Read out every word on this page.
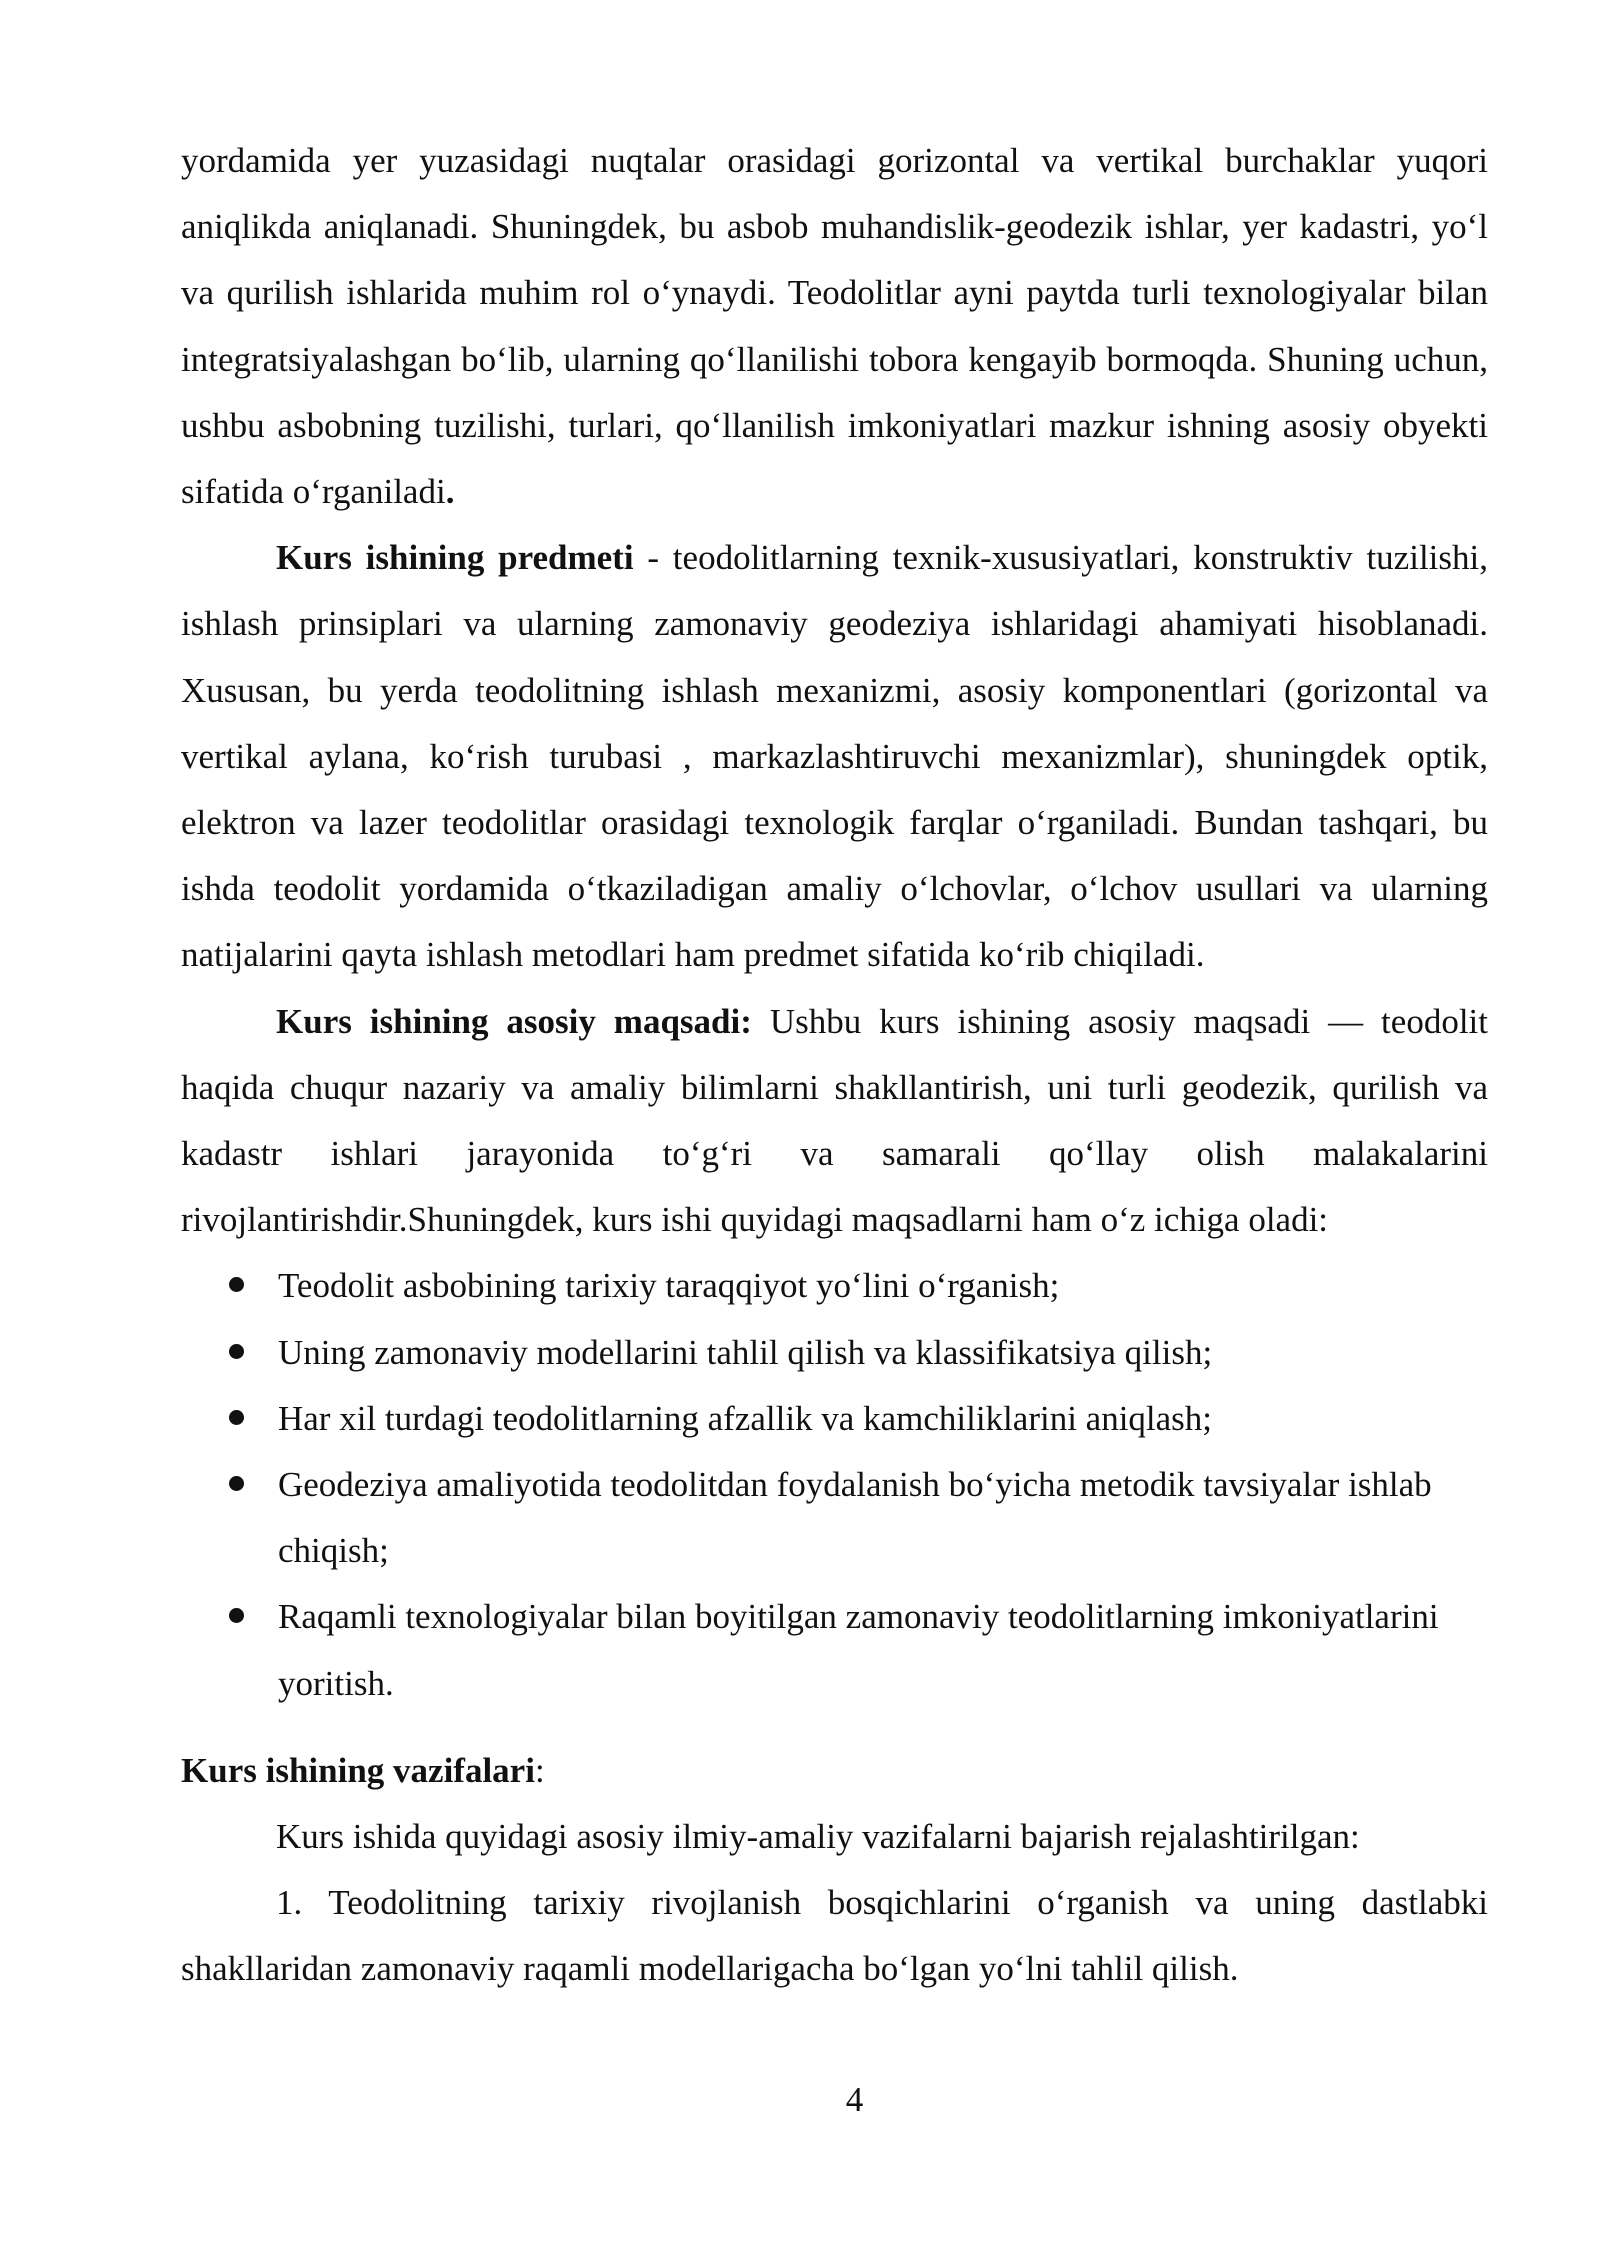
yordamida yer yuzasidagi nuqtalar orasidagi gorizontal va vertikal burchaklar yuqori aniqlikda aniqlanadi. Shuningdek, bu asbob muhandislik-geodezik ishlar, yer kadastri, yo‘l va qurilish ishlarida muhim rol o‘ynaydi. Teodolitlar ayni paytda turli texnologiyalar bilan integratsiyalashgan bo‘lib, ularning qo‘llanilishi tobora kengayib bormoqda. Shuning uchun, ushbu asbobning tuzilishi, turlari, qo‘llanilish imkoniyatlari mazkur ishning asosiy obyekti sifatida o‘rganiladi.

Kurs ishining predmeti - teodolitlarning texnik-xususiyatlari, konstruktiv tuzilishi, ishlash prinsiplari va ularning zamonaviy geodeziya ishlaridagi ahamiyati hisoblanadi. Xususan, bu yerda teodolitning ishlash mexanizmi, asosiy komponentlari (gorizontal va vertikal aylana, ko‘rish turubasi , markazlashtiruvchi mexanizmlar), shuningdek optik, elektron va lazer teodolitlar orasidagi texnologik farqlar o‘rganiladi. Bundan tashqari, bu ishda teodolit yordamida o‘tkaziladigan amaliy o‘lchovlar, o‘lchov usullari va ularning natijalarini qayta ishlash metodlari ham predmet sifatida ko‘rib chiqiladi.

Kurs ishining asosiy maqsadi: Ushbu kurs ishining asosiy maqsadi — teodolit haqida chuqur nazariy va amaliy bilimlarni shakllantirish, uni turli geodezik, qurilish va kadastr ishlari jarayonida to‘g‘ri va samarali qo‘llay olish malakalarini rivojlantirishdir.Shuningdek, kurs ishi quyidagi maqsadlarni ham o‘z ichiga oladi:

Teodolit asbobining tarixiy taraqqiyot yo‘lini o‘rganish;
Uning zamonaviy modellarini tahlil qilish va klassifikatsiya qilish;
Har xil turdagi teodolitlarning afzallik va kamchiliklarini aniqlash;
Geodeziya amaliyotida teodolitdan foydalanish bo‘yicha metodik tavsiyalar ishlab chiqish;
Raqamli texnologiyalar bilan boyitilgan zamonaviy teodolitlarning imkoniyatlarini yoritish.

Kurs ishining vazifalari:

Kurs ishida quyidagi asosiy ilmiy-amaliy vazifalarni bajarish rejalashtirilgan:

1. Teodolitning tarixiy rivojlanish bosqichlarini o‘rganish va uning dastlabki shakllaridan zamonaviy raqamli modellarigacha bo‘lgan yo‘lni tahlil qilish.

4
